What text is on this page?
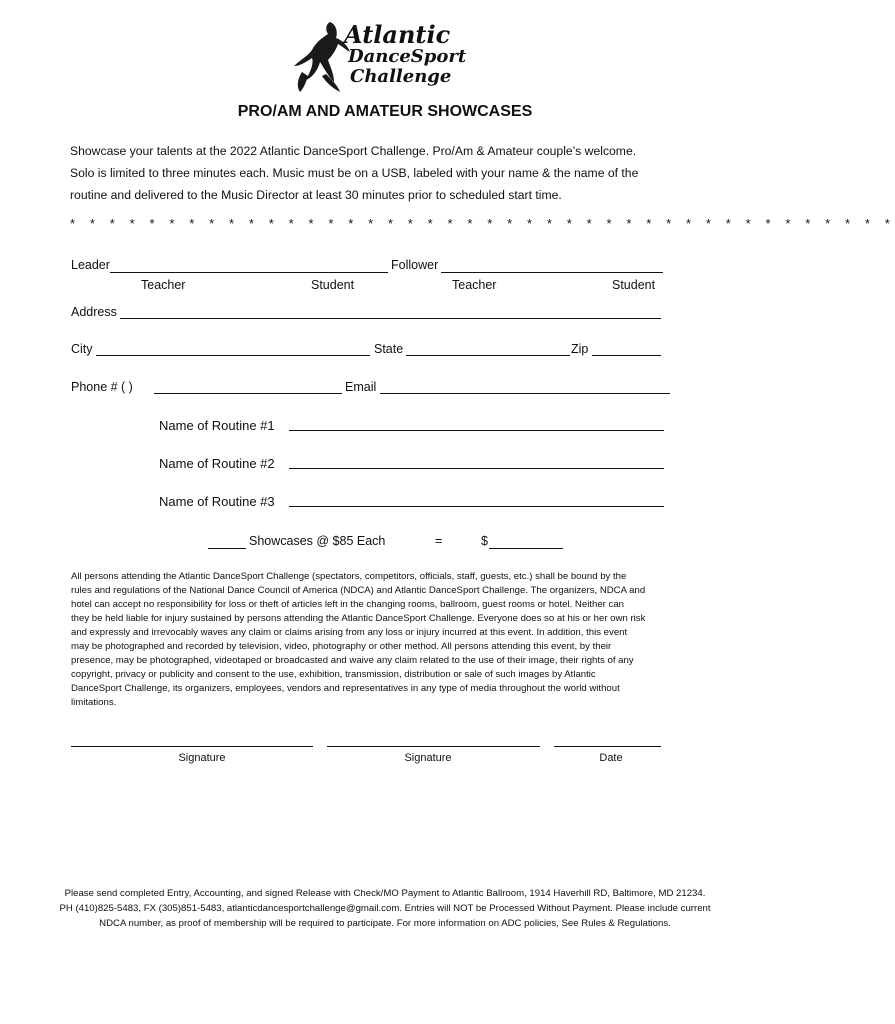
Atlantic
DanceSport
Challenge
PRO/AM AND AMATEUR SHOWCASES
Showcase your talents at the 2022 Atlantic DanceSport Challenge. Pro/Am & Amateur couple’s welcome.
Solo is limited to three minutes each. Music must be on a USB, labeled with your name & the name of the
routine and delivered to the Music Director at least 30 minutes prior to scheduled start time.
* * * * * * * * * * * * * * * * * * * * * * * * * * * * * * * * * * * * * * * * * *
Leader	Follower
Teacher	Student	Teacher	Student
Address
City	State	Zip
Phone # ( )	Email
Name of Routine #1
Name of Routine #2
Name of Routine #3
Showcases @ $85 Each	=	$
All persons attending the Atlantic DanceSport Challenge (spectators, competitors, officials, staff, guests, etc.) shall be bound by the
rules and regulations of the National Dance Council of America (NDCA) and Atlantic DanceSport Challenge. The organizers, NDCA and
hotel can accept no responsibility for loss or theft of articles left in the changing rooms, ballroom, guest rooms or hotel. Neither can
they be held liable for injury sustained by persons attending the Atlantic DanceSport Challenge. Everyone does so at his or her own risk
and expressly and irrevocably waves any claim or claims arising from any loss or injury incurred at this event. In addition, this event
may be photographed and recorded by television, video, photography or other method. All persons attending this event, by their
presence, may be photographed, videotaped or broadcasted and waive any claim related to the use of their image, their rights of any
copyright, privacy or publicity and consent to the use, exhibition, transmission, distribution or sale of such images by Atlantic
DanceSport Challenge, its organizers, employees, vendors and representatives in any type of media throughout the world without
limitations.
Signature	Signature	Date
Please send completed Entry, Accounting, and signed Release with Check/MO Payment to Atlantic Ballroom, 1914 Haverhill RD, Baltimore, MD 21234.
PH (410)825-5483, FX (305)851-5483, atlanticdancesportchallenge@gmail.com. Entries will NOT be Processed Without Payment. Please include current
NDCA number, as proof of membership will be required to participate. For more information on ADC policies, See Rules & Regulations.
